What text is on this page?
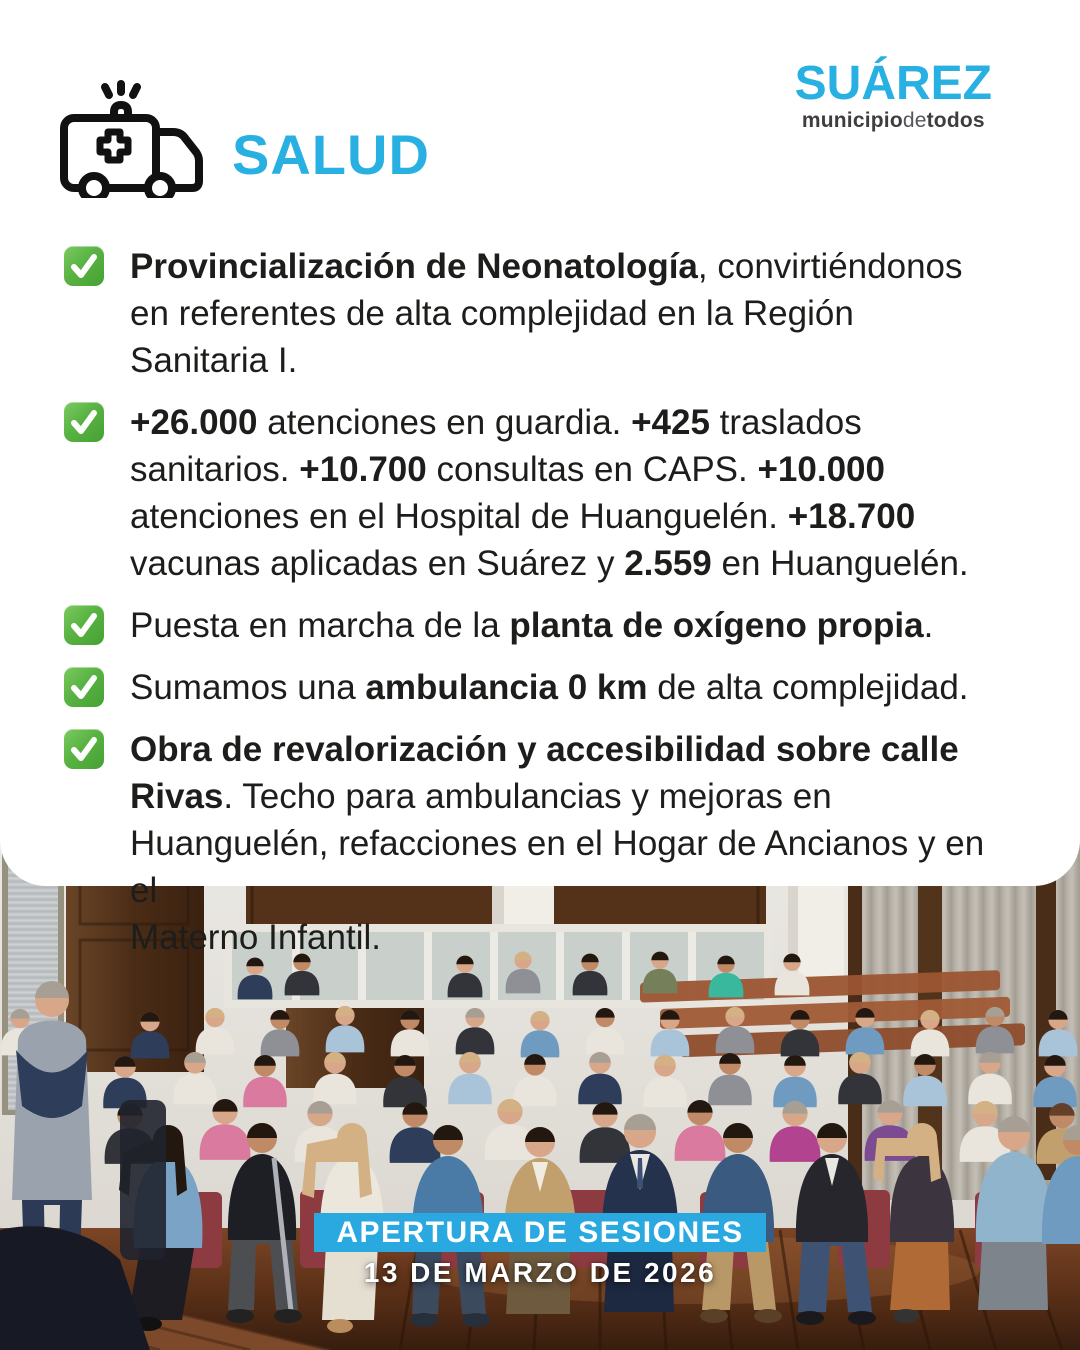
SALUD
SUÁREZ
municipiodetodos

Provincialización de Neonatología, convirtiéndonos en referentes de alta complejidad en la Región Sanitaria I.

+26.000 atenciones en guardia. +425 traslados sanitarios. +10.700 consultas en CAPS. +10.000 atenciones en el Hospital de Huanguelén. +18.700 vacunas aplicadas en Suárez y 2.559 en Huanguelén.

Puesta en marcha de la planta de oxígeno propia.

Sumamos una ambulancia 0 km de alta complejidad.

Obra de revalorización y accesibilidad sobre calle Rivas. Techo para ambulancias y mejoras en Huanguelén, refacciones en el Hogar de Ancianos y en el
Materno Infantil.

APERTURA DE SESIONES
13 DE MARZO DE 2026
